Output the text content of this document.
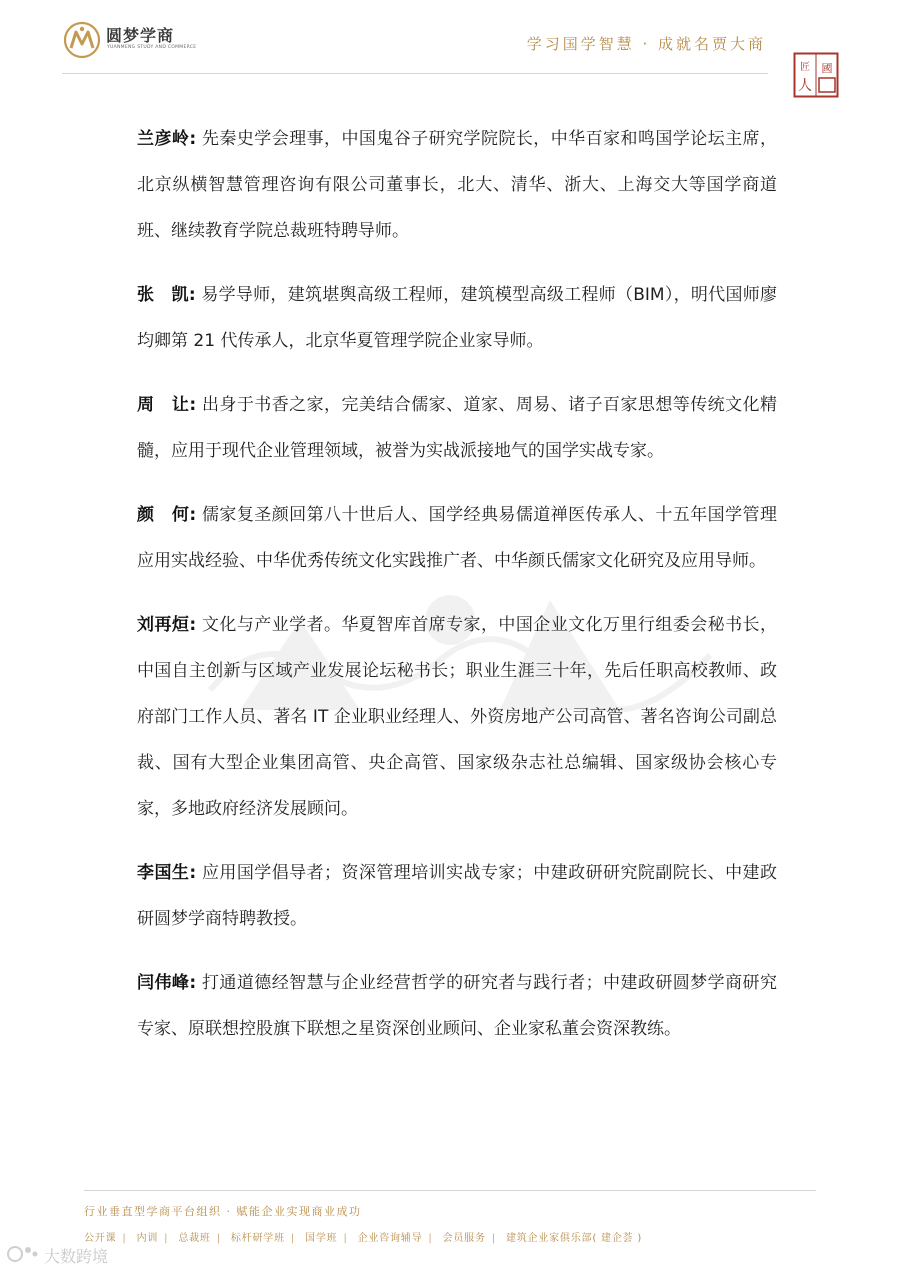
圆梦学商
YUANMENG STUDY AND COMMERCE	学习国学智慧 · 成就名贾大商
匠
人
國

兰彦岭: 先秦史学会理事，中国鬼谷子研究学院院长，中华百家和鸣国学论坛主席，北京纵横智慧管理咨询有限公司董事长，北大、清华、浙大、上海交大等国学商道班、继续教育学院总裁班特聘导师。

张　凯: 易学导师，建筑堪舆高级工程师，建筑模型高级工程师（BIM），明代国师廖均卿第 21 代传承人，北京华夏管理学院企业家导师。

周　让: 出身于书香之家，完美结合儒家、道家、周易、诸子百家思想等传统文化精髓，应用于现代企业管理领域，被誉为实战派接地气的国学实战专家。

颜　何: 儒家复圣颜回第八十世后人、国学经典易儒道禅医传承人、十五年国学管理应用实战经验、中华优秀传统文化实践推广者、中华颜氏儒家文化研究及应用导师。

刘再烜: 文化与产业学者。华夏智库首席专家，中国企业文化万里行组委会秘书长，中国自主创新与区域产业发展论坛秘书长；职业生涯三十年，先后任职高校教师、政府部门工作人员、著名 IT 企业职业经理人、外资房地产公司高管、著名咨询公司副总裁、国有大型企业集团高管、央企高管、国家级杂志社总编辑、国家级协会核心专家，多地政府经济发展顾问。

李国生: 应用国学倡导者；资深管理培训实战专家；中建政研研究院副院长、中建政研圆梦学商特聘教授。

闫伟峰: 打通道德经智慧与企业经营哲学的研究者与践行者；中建政研圆梦学商研究专家、原联想控股旗下联想之星资深创业顾问、企业家私董会资深教练。

行业垂直型学商平台组织 · 赋能企业实现商业成功
公开课 | 内训 | 总裁班 | 标杆研学班 | 国学班 | 企业咨询辅导 | 会员服务 | 建筑企业家俱乐部( 建企荟 )
大数跨境
